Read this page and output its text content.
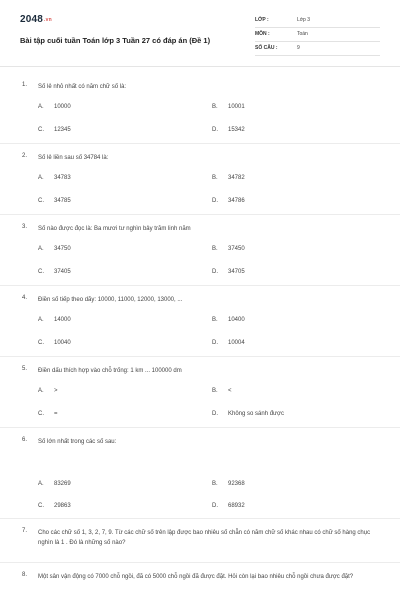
2048.vn
Bài tập cuối tuần Toán lớp 3 Tuần 27 có đáp án (Đề 1)
LỚP :	Lớp 3
MÔN :	Toán
SỐ CÂU :	9
1. Số lẻ nhỏ nhất có năm chữ số là:
A. 10000	B. 10001
C. 12345	D. 15342
2. Số lẻ liền sau số 34784 là:
A. 34783	B. 34782
C. 34785	D. 34786
3. Số nào được đọc là: Ba mươi tư nghìn bảy trăm linh năm
A. 34750	B. 37450
C. 37405	D. 34705
4. Điền số tiếp theo dãy: 10000, 11000, 12000, 13000, ...
A. 14000	B. 10400
C. 10040	D. 10004
5. Điền dấu thích hợp vào chỗ trống: 1 km ... 100000 dm
A. >	B. <
C. =	D. Không so sánh được
6. Số lớn nhất trong các số sau:
A. 83269	B. 92368
C. 29863	D. 68932
7. Cho các chữ số 1, 3, 2, 7, 9. Từ các chữ số trên lập được bao nhiêu số chẵn có năm chữ số khác nhau có chữ số hàng chục nghìn là 1 . Đó là những số nào?
8. Một sân vận động có 7000 chỗ ngồi, đã có 5000 chỗ ngồi đã được đặt. Hỏi còn lại bao nhiêu chỗ ngồi chưa được đặt?
